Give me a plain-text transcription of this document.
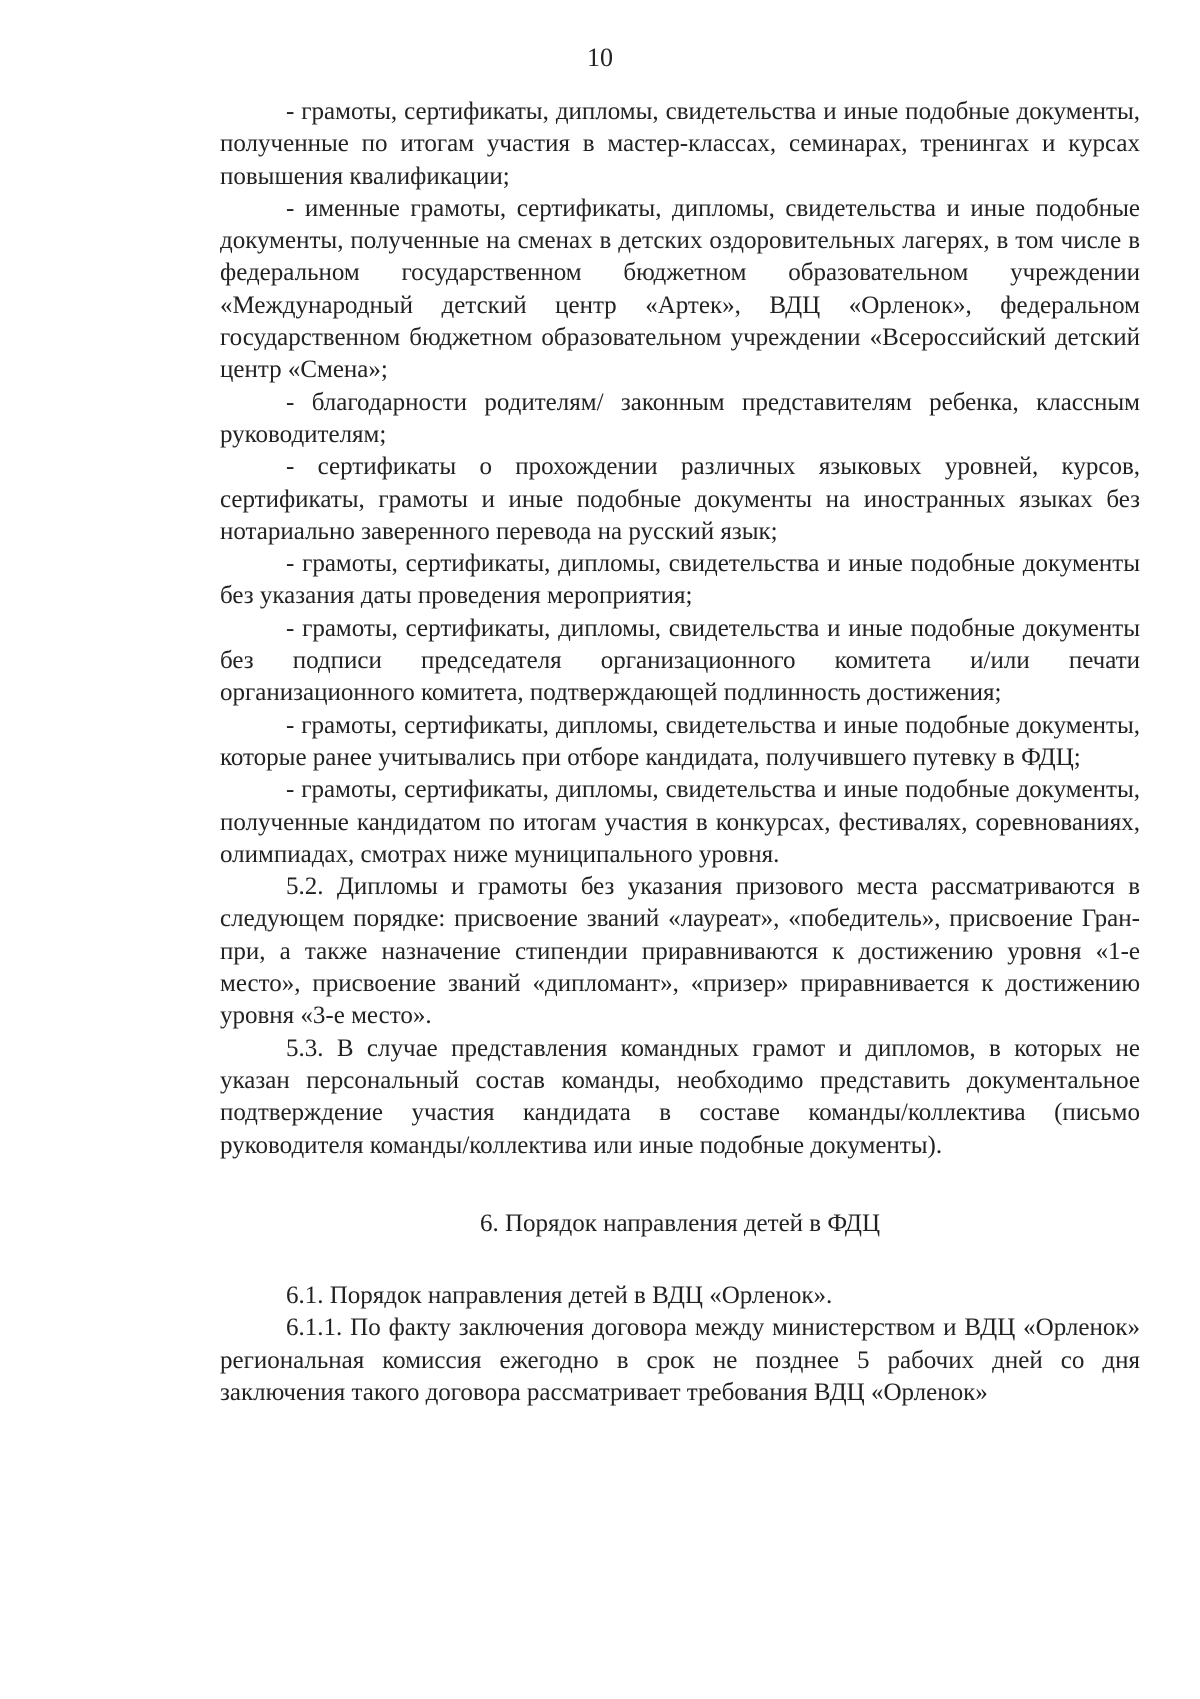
10

- грамоты, сертификаты, дипломы, свидетельства и иные подобные документы, полученные по итогам участия в мастер-классах, семинарах, тренингах и курсах повышения квалификации;

- именные грамоты, сертификаты, дипломы, свидетельства и иные подобные документы, полученные на сменах в детских оздоровительных лагерях, в том числе в федеральном государственном бюджетном образовательном учреждении «Международный детский центр «Артек», ВДЦ «Орленок», федеральном государственном бюджетном образовательном учреждении «Всероссийский детский центр «Смена»;

- благодарности родителям/ законным представителям ребенка, классным руководителям;

- сертификаты о прохождении различных языковых уровней, курсов, сертификаты, грамоты и иные подобные документы на иностранных языках без нотариально заверенного перевода на русский язык;

- грамоты, сертификаты, дипломы, свидетельства и иные подобные документы без указания даты проведения мероприятия;

- грамоты, сертификаты, дипломы, свидетельства и иные подобные документы без подписи председателя организационного комитета и/или печати организационного комитета, подтверждающей подлинность достижения;

- грамоты, сертификаты, дипломы, свидетельства и иные подобные документы, которые ранее учитывались при отборе кандидата, получившего путевку в ФДЦ;

- грамоты, сертификаты, дипломы, свидетельства и иные подобные документы, полученные кандидатом по итогам участия в конкурсах, фестивалях, соревнованиях, олимпиадах, смотрах ниже муниципального уровня.

5.2. Дипломы и грамоты без указания призового места рассматриваются в следующем порядке: присвоение званий «лауреат», «победитель», присвоение Гран-при, а также назначение стипендии приравниваются к достижению уровня «1-е место», присвоение званий «дипломант», «призер» приравнивается к достижению уровня «3-е место».

5.3. В случае представления командных грамот и дипломов, в которых не указан персональный состав команды, необходимо представить документальное подтверждение участия кандидата в составе команды/коллектива (письмо руководителя команды/коллектива или иные подобные документы).

6. Порядок направления детей в ФДЦ

6.1. Порядок направления детей в ВДЦ «Орленок».

6.1.1. По факту заключения договора между министерством и ВДЦ «Орленок» региональная комиссия ежегодно в срок не позднее 5 рабочих дней со дня заключения такого договора рассматривает требования ВДЦ «Орленок»
